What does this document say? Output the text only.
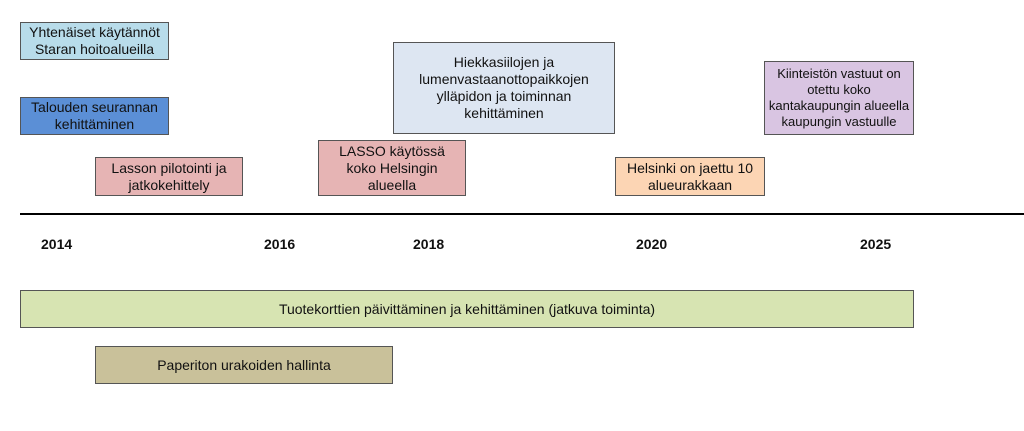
Yhtenäiset käytännöt
Staran hoitoalueilla
Talouden seurannan
kehittäminen
Lasson pilotointi ja
jatkokehittely
LASSO käytössä
koko Helsingin
alueella
Hiekkasiilojen ja
lumenvastaanottopaikkojen
ylläpidon ja toiminnan
kehittäminen
Helsinki on jaettu 10
alueurakkaan
Kiinteistön vastuut on
otettu koko
kantakaupungin alueella
kaupungin vastuulle
2014	2016	2018	2020	2025
Tuotekorttien päivittäminen ja kehittäminen (jatkuva toiminta)
Paperiton urakoiden hallinta
